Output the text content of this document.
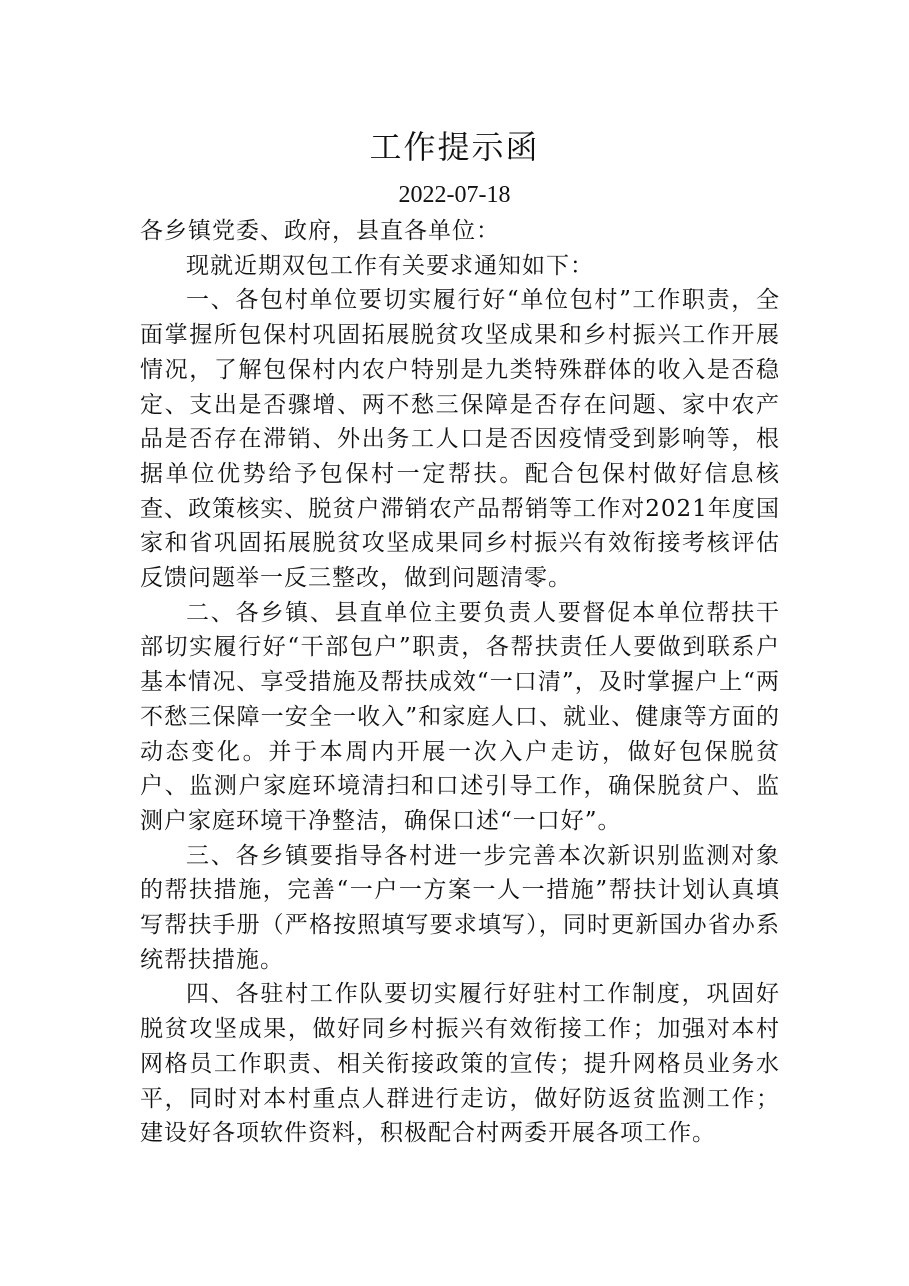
工作提示函
2022-07-18

各乡镇党委、政府，县直各单位：

现就近期双包工作有关要求通知如下：

一、各包村单位要切实履行好“单位包村”工作职责，全面掌握所包保村巩固拓展脱贫攻坚成果和乡村振兴工作开展情况，了解包保村内农户特别是九类特殊群体的收入是否稳定、支出是否骤增、两不愁三保障是否存在问题、家中农产品是否存在滞销、外出务工人口是否因疫情受到影响等，根据单位优势给予包保村一定帮扶。配合包保村做好信息核查、政策核实、脱贫户滞销农产品帮销等工作对2021年度国家和省巩固拓展脱贫攻坚成果同乡村振兴有效衔接考核评估反馈问题举一反三整改，做到问题清零。

二、各乡镇、县直单位主要负责人要督促本单位帮扶干部切实履行好“干部包户”职责，各帮扶责任人要做到联系户基本情况、享受措施及帮扶成效“一口清”，及时掌握户上“两不愁三保障一安全一收入”和家庭人口、就业、健康等方面的动态变化。并于本周内开展一次入户走访，做好包保脱贫户、监测户家庭环境清扫和口述引导工作，确保脱贫户、监测户家庭环境干净整洁，确保口述“一口好”。

三、各乡镇要指导各村进一步完善本次新识别监测对象的帮扶措施，完善“一户一方案一人一措施”帮扶计划认真填写帮扶手册（严格按照填写要求填写），同时更新国办省办系统帮扶措施。

四、各驻村工作队要切实履行好驻村工作制度，巩固好脱贫攻坚成果，做好同乡村振兴有效衔接工作；加强对本村网格员工作职责、相关衔接政策的宣传；提升网格员业务水平，同时对本村重点人群进行走访，做好防返贫监测工作；建设好各项软件资料，积极配合村两委开展各项工作。
